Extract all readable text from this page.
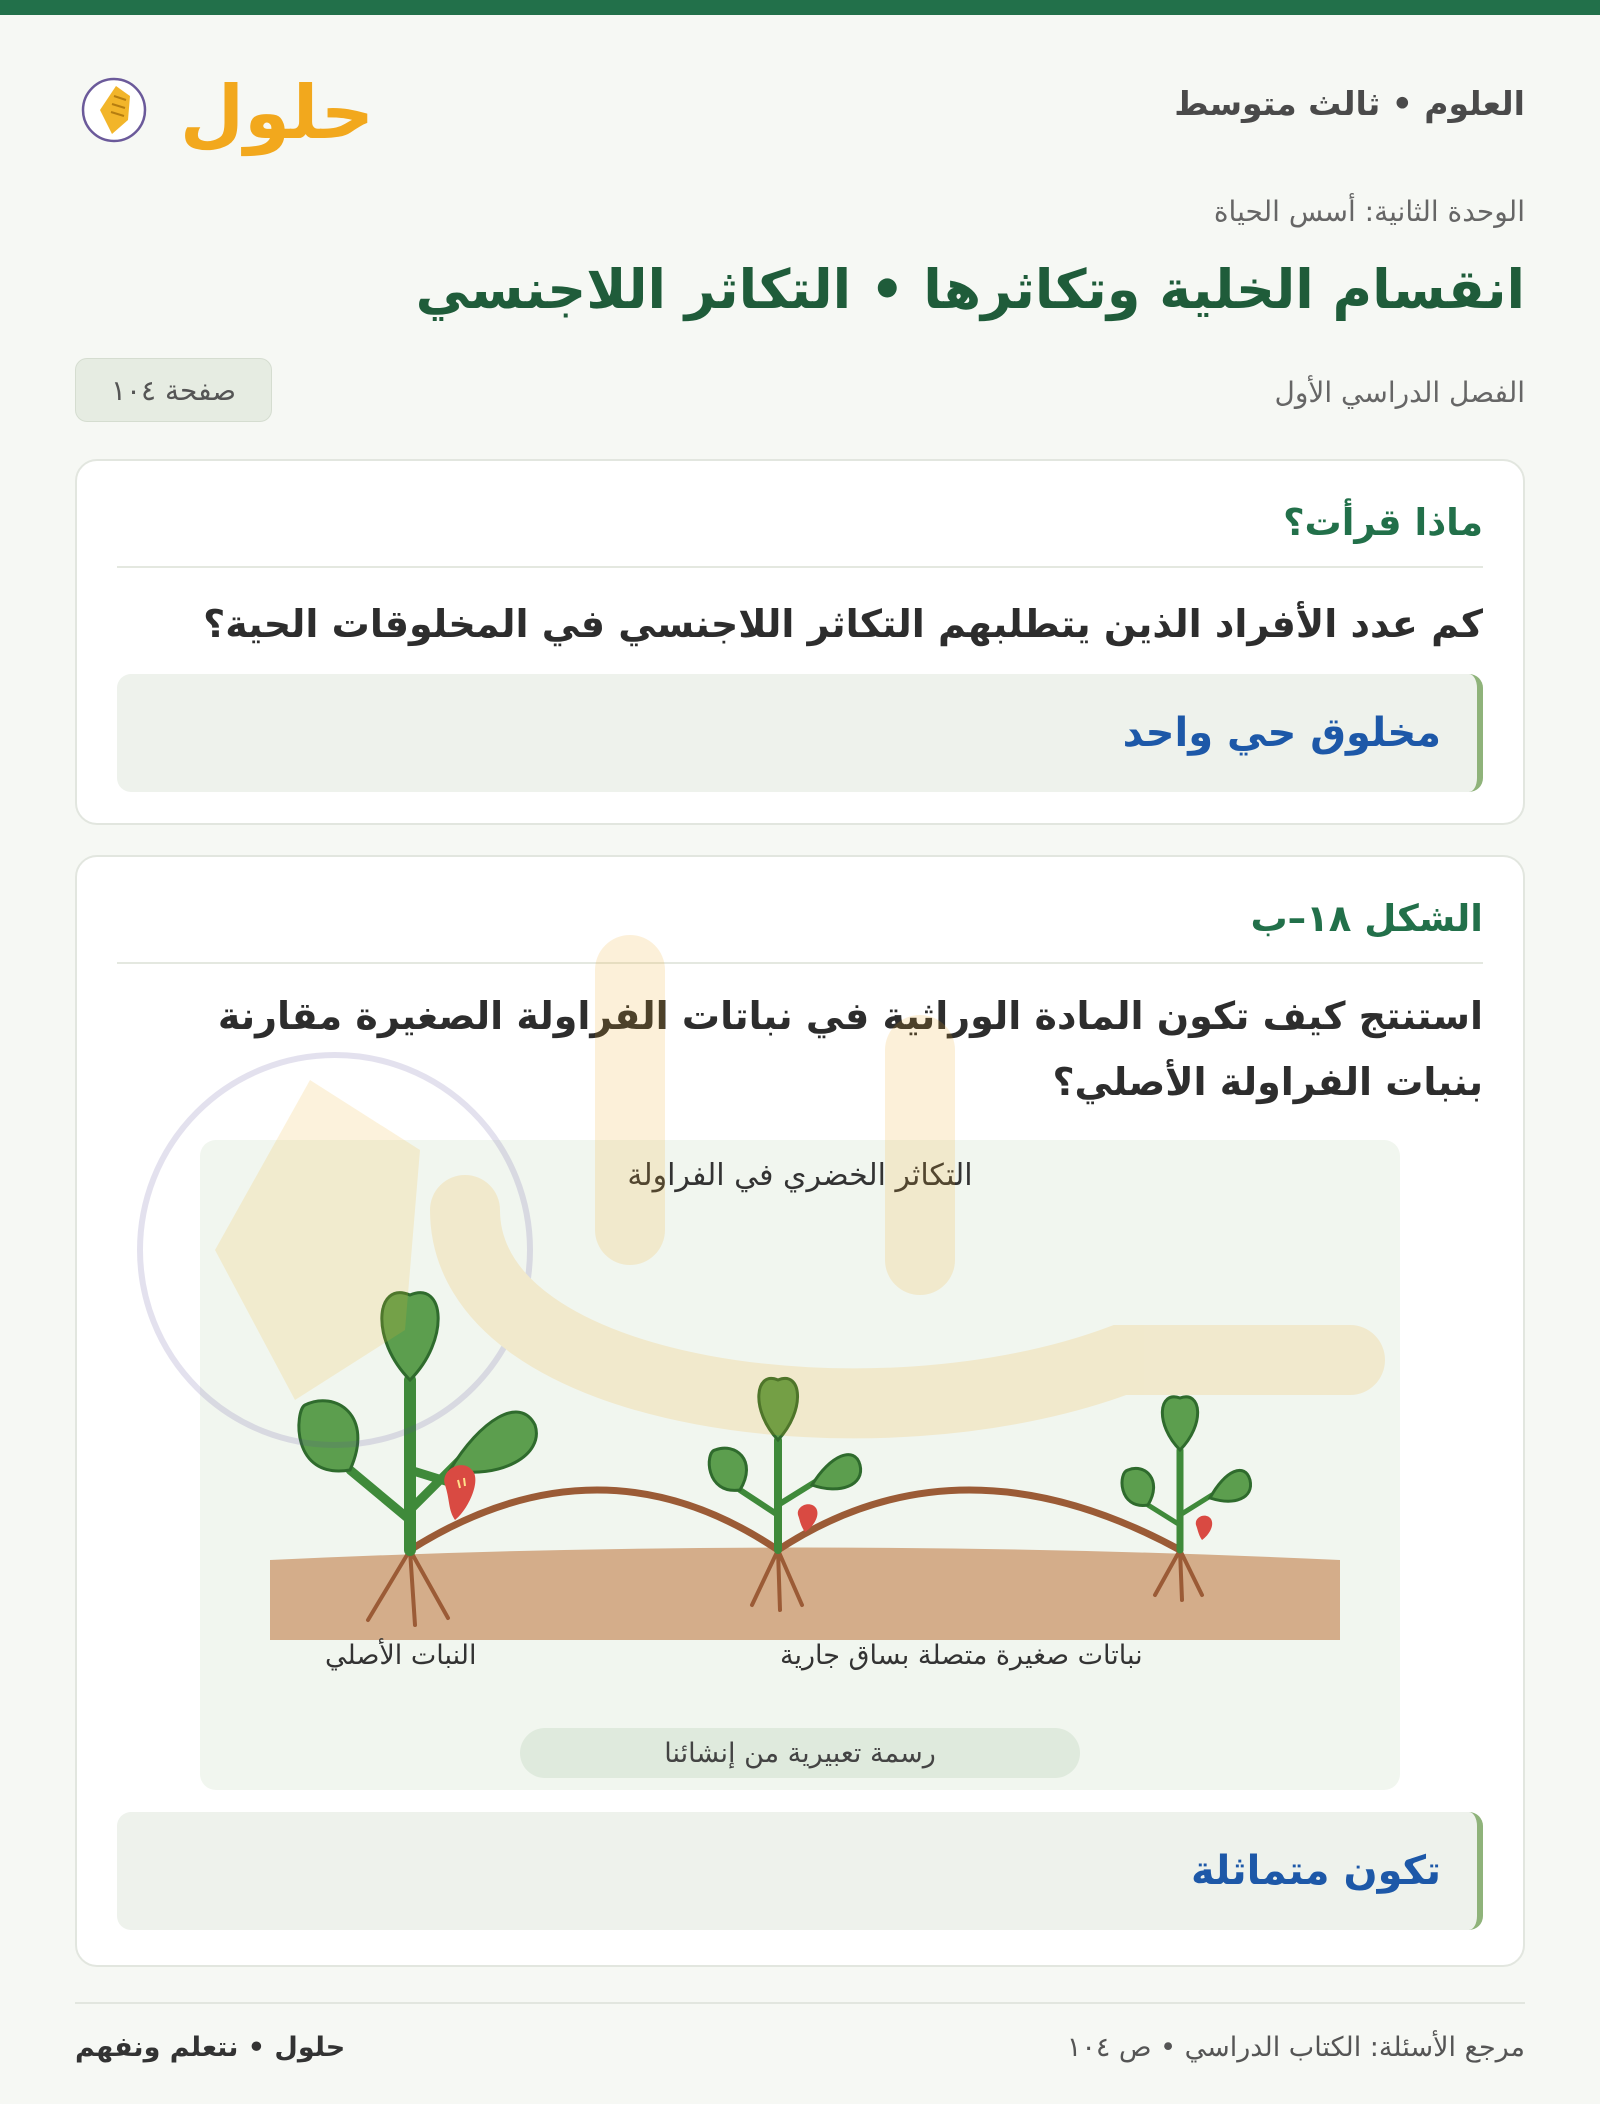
العلوم • ثالث متوسط
حلول
الوحدة الثانية: أسس الحياة
انقسام الخلية وتكاثرها • التكاثر اللاجنسي
الفصل الدراسي الأول
صفحة ١٠٤
ماذا قرأت؟
كم عدد الأفراد الذين يتطلبهم التكاثر اللاجنسي في المخلوقات الحية؟
مخلوق حي واحد
الشكل ١٨–ب
استنتج كيف تكون المادة الوراثية في نباتات الفراولة الصغيرة مقارنة بنبات الفراولة الأصلي؟
تكون متماثلة
التكاثر الخضري في الفراولة
النبات الأصلي	نباتات صغيرة متصلة بساق جارية
رسمة تعبيرية من إنشائنا
حلول • نتعلم ونفهم	مرجع الأسئلة: الكتاب الدراسي • ص ١٠٤
